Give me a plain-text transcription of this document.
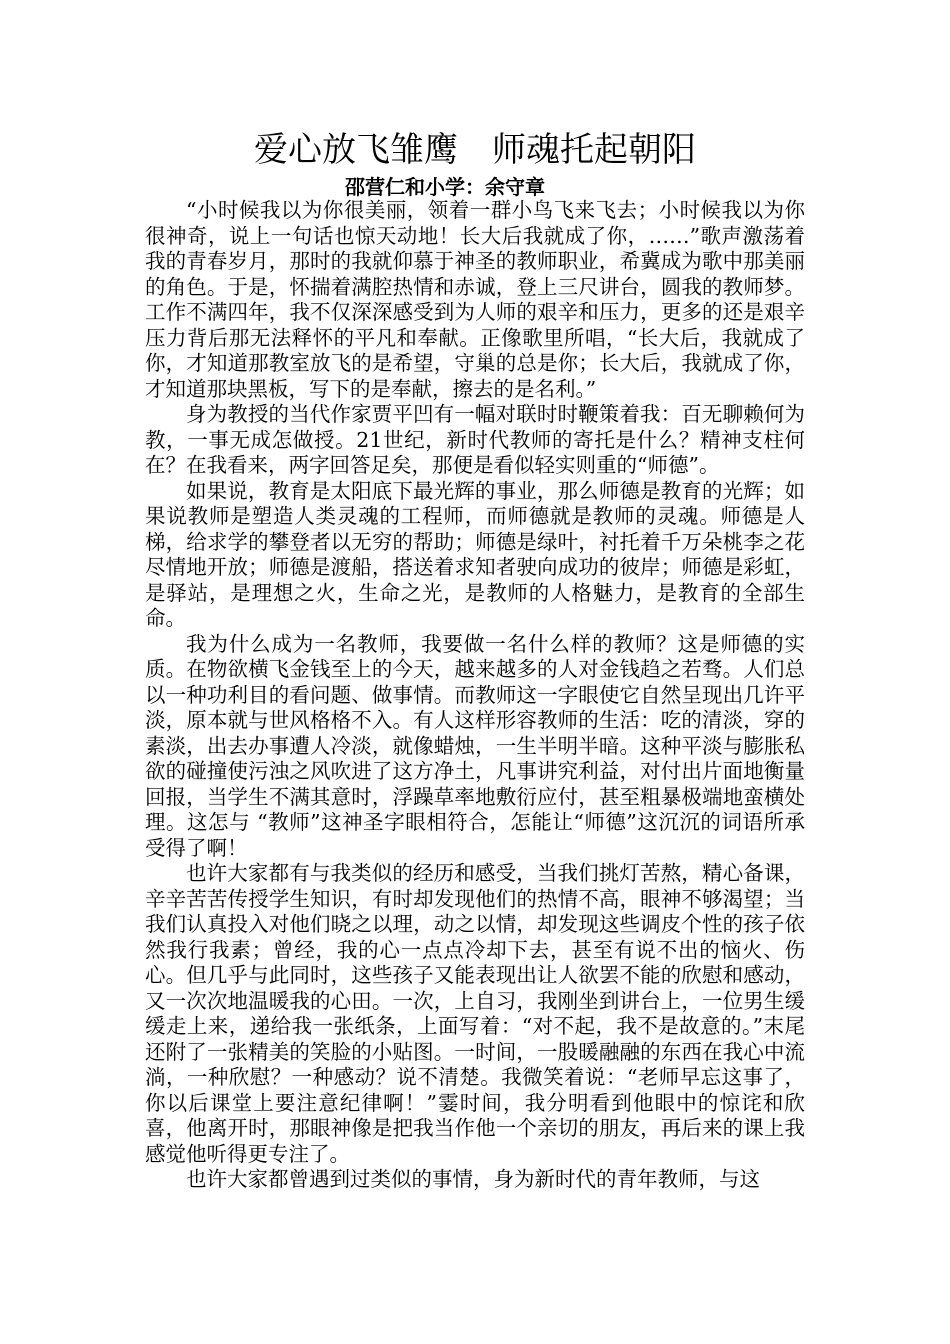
爱心放飞雏鹰　师魂托起朝阳
邵营仁和小学：余守章

“小时候我以为你很美丽，领着一群小鸟飞来飞去；小时候我以为你很神奇，说上一句话也惊天动地！长大后我就成了你，……”歌声激荡着我的青春岁月，那时的我就仰慕于神圣的教师职业，希冀成为歌中那美丽的角色。于是，怀揣着满腔热情和赤诚，登上三尺讲台，圆我的教师梦。工作不满四年，我不仅深深感受到为人师的艰辛和压力，更多的还是艰辛压力背后那无法释怀的平凡和奉献。正像歌里所唱，“长大后，我就成了你，才知道那教室放飞的是希望，守巢的总是你；长大后，我就成了你，才知道那块黑板，写下的是奉献，擦去的是名利。”

身为教授的当代作家贾平凹有一幅对联时时鞭策着我：百无聊赖何为教，一事无成怎做授。21世纪，新时代教师的寄托是什么？精神支柱何在？在我看来，两字回答足矣，那便是看似轻实则重的“师德”。

如果说，教育是太阳底下最光辉的事业，那么师德是教育的光辉；如果说教师是塑造人类灵魂的工程师，而师德就是教师的灵魂。师德是人梯，给求学的攀登者以无穷的帮助；师德是绿叶，衬托着千万朵桃李之花尽情地开放；师德是渡船，搭送着求知者驶向成功的彼岸；师德是彩虹，是驿站，是理想之火，生命之光，是教师的人格魅力，是教育的全部生命。

我为什么成为一名教师，我要做一名什么样的教师？这是师德的实质。在物欲横飞金钱至上的今天，越来越多的人对金钱趋之若骛。人们总以一种功利目的看问题、做事情。而教师这一字眼使它自然呈现出几许平淡，原本就与世风格格不入。有人这样形容教师的生活：吃的清淡，穿的素淡，出去办事遭人冷淡，就像蜡烛，一生半明半暗。这种平淡与膨胀私欲的碰撞使污浊之风吹进了这方净土，凡事讲究利益，对付出片面地衡量回报，当学生不满其意时，浮躁草率地敷衍应付，甚至粗暴极端地蛮横处理。这怎与 “教师”这神圣字眼相符合，怎能让“师德”这沉沉的词语所承受得了啊！

也许大家都有与我类似的经历和感受，当我们挑灯苦熬，精心备课，辛辛苦苦传授学生知识，有时却发现他们的热情不高，眼神不够渴望；当我们认真投入对他们晓之以理，动之以情，却发现这些调皮个性的孩子依然我行我素；曾经，我的心一点点冷却下去，甚至有说不出的恼火、伤心。但几乎与此同时，这些孩子又能表现出让人欲罢不能的欣慰和感动，又一次次地温暖我的心田。一次，上自习，我刚坐到讲台上，一位男生缓缓走上来，递给我一张纸条，上面写着：“对不起，我不是故意的。”末尾还附了一张精美的笑脸的小贴图。一时间，一股暖融融的东西在我心中流淌，一种欣慰？一种感动？说不清楚。我微笑着说：“老师早忘这事了，你以后课堂上要注意纪律啊！”霎时间，我分明看到他眼中的惊诧和欣喜，他离开时，那眼神像是把我当作他一个亲切的朋友，再后来的课上我感觉他听得更专注了。

也许大家都曾遇到过类似的事情，身为新时代的青年教师，与这
